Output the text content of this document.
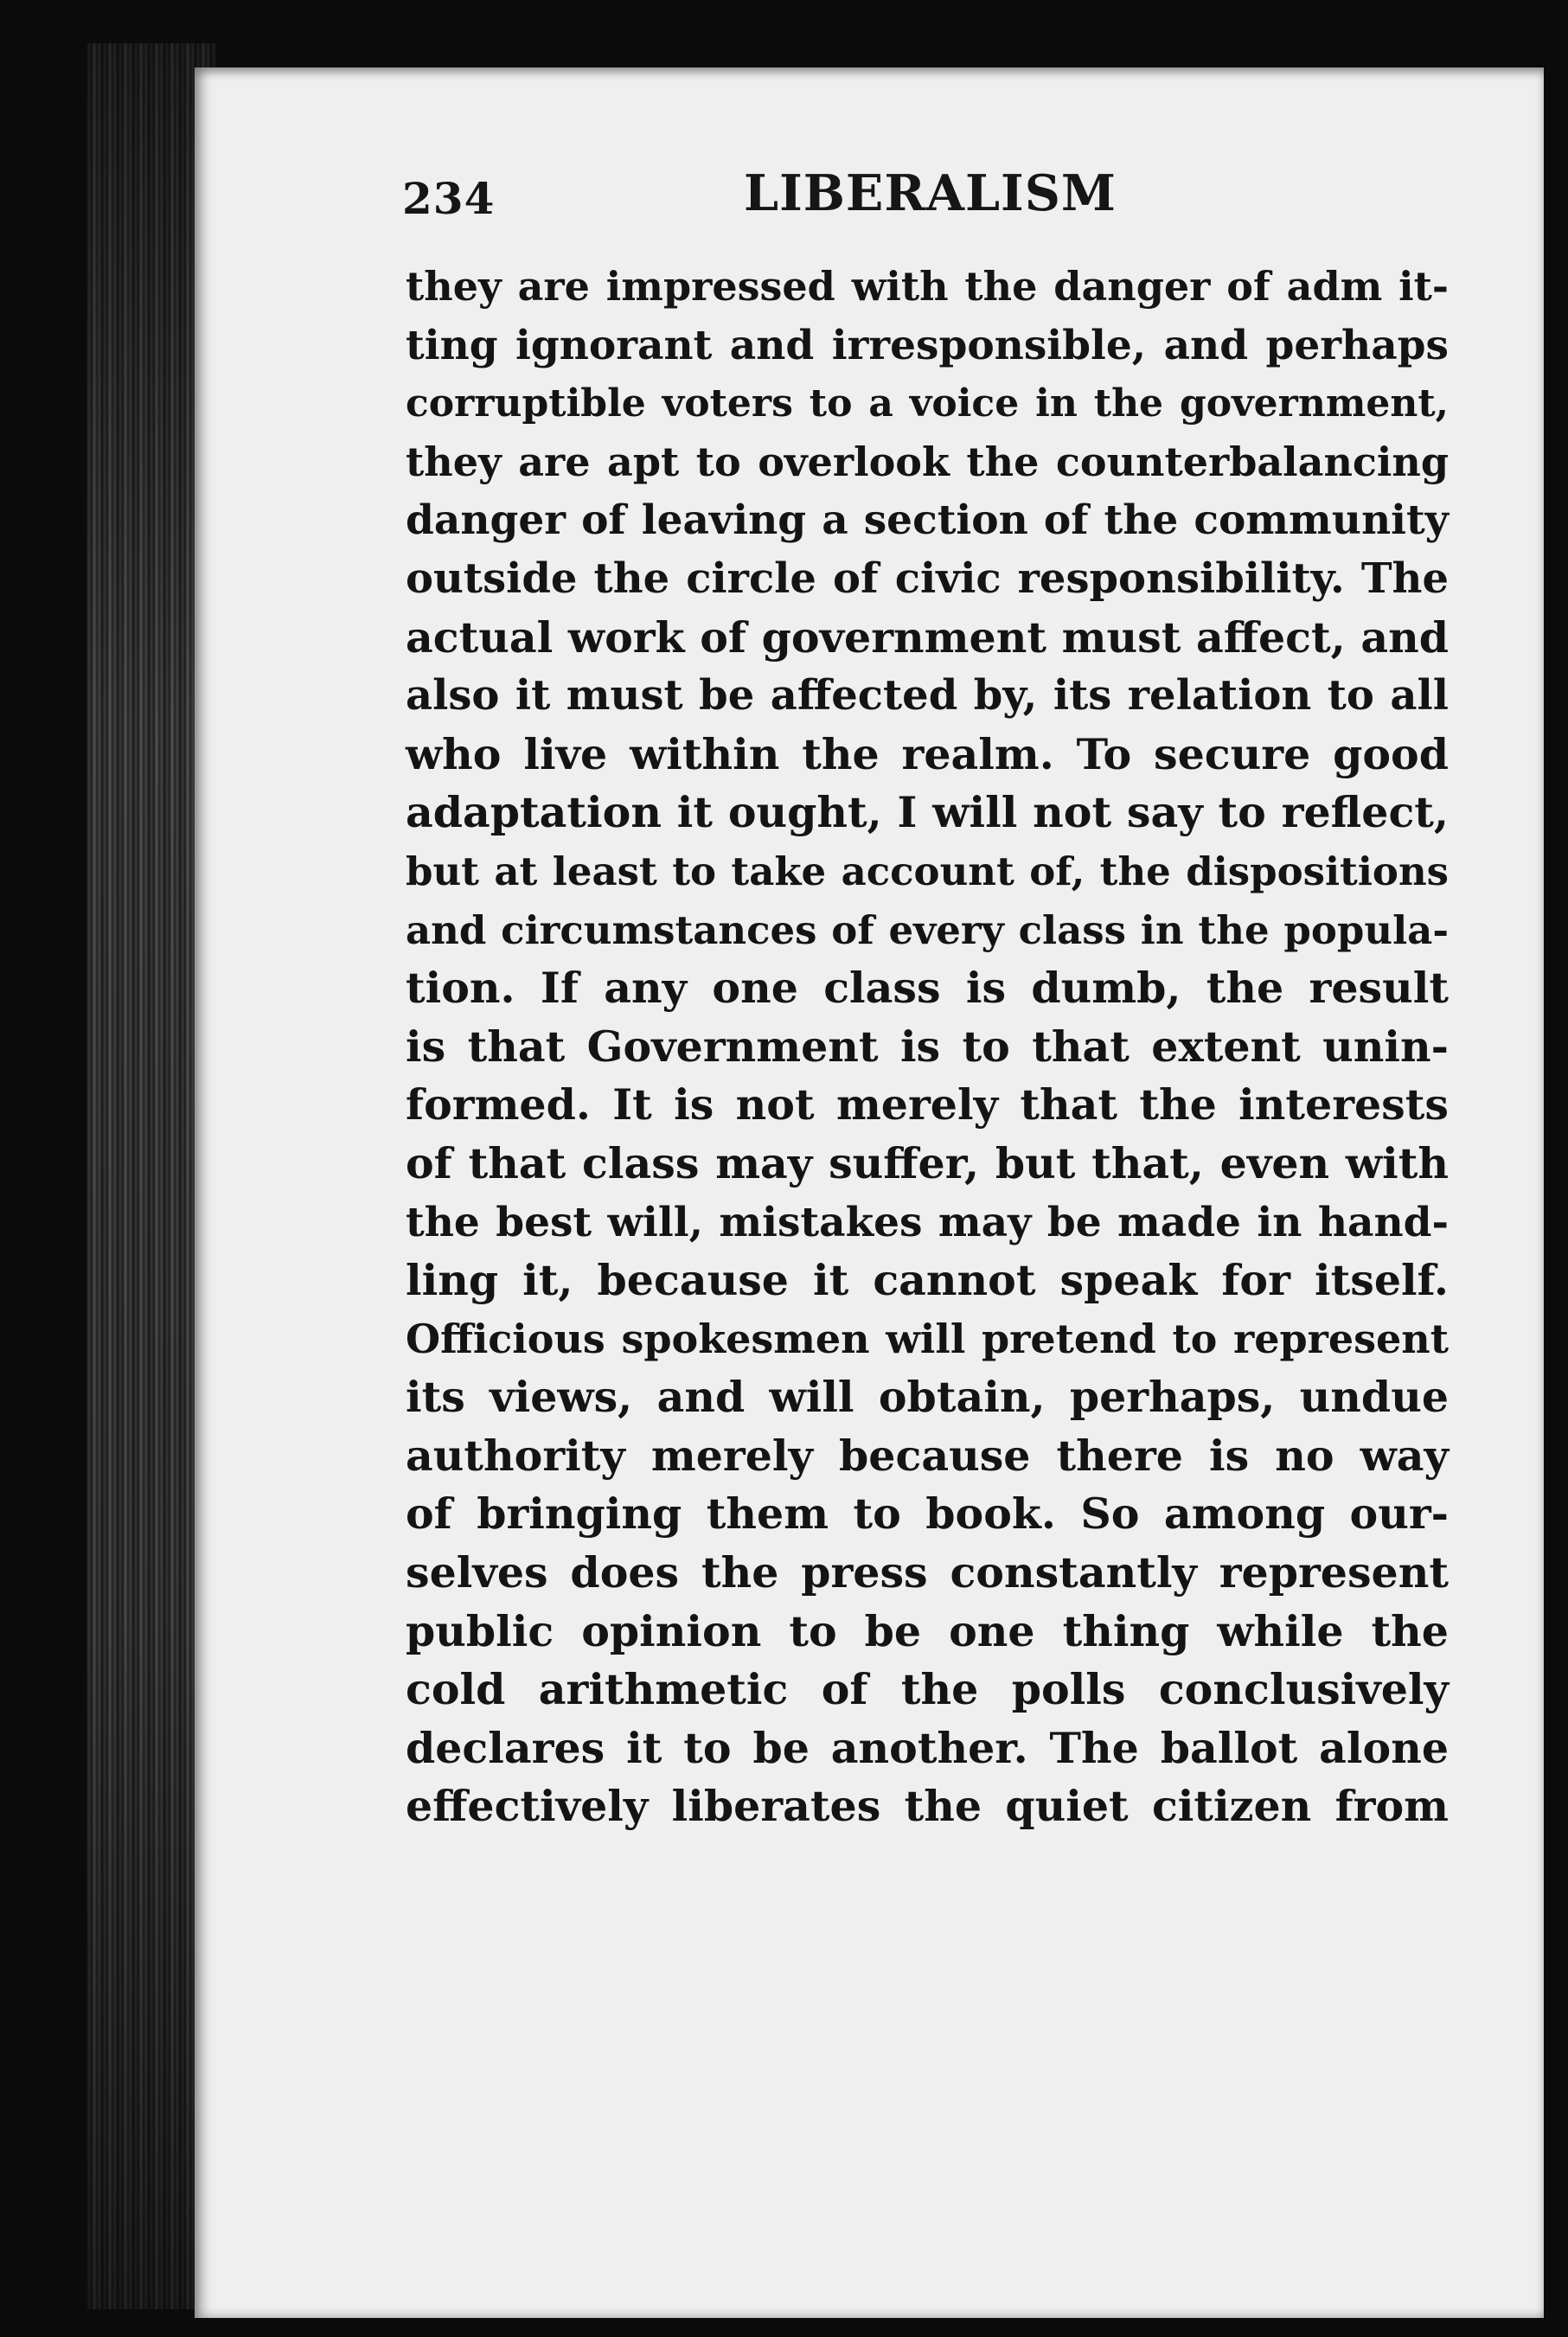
234	LIBERALISM
they are impressed with the danger of adm it-
ting ignorant and irresponsible, and perhaps
corruptible voters to a voice in the government,
they are apt to overlook the counterbalancing
danger of leaving a section of the community
outside the circle of civic responsibility. The
actual work of government must affect, and
also it must be affected by, its relation to all
who live within the realm. To secure good
adaptation it ought, I will not say to reflect,
but at least to take account of, the dispositions
and circumstances of every class in the popula-
tion. If any one class is dumb, the result
is that Government is to that extent unin-
formed. It is not merely that the interests
of that class may suffer, but that, even with
the best will, mistakes may be made in hand-
ling it, because it cannot speak for itself.
Officious spokesmen will pretend to represent
its views, and will obtain, perhaps, undue
authority merely because there is no way
of bringing them to book. So among our-
selves does the press constantly represent
public opinion to be one thing while the
cold arithmetic of the polls conclusively
declares it to be another. The ballot alone
effectively liberates the quiet citizen from
